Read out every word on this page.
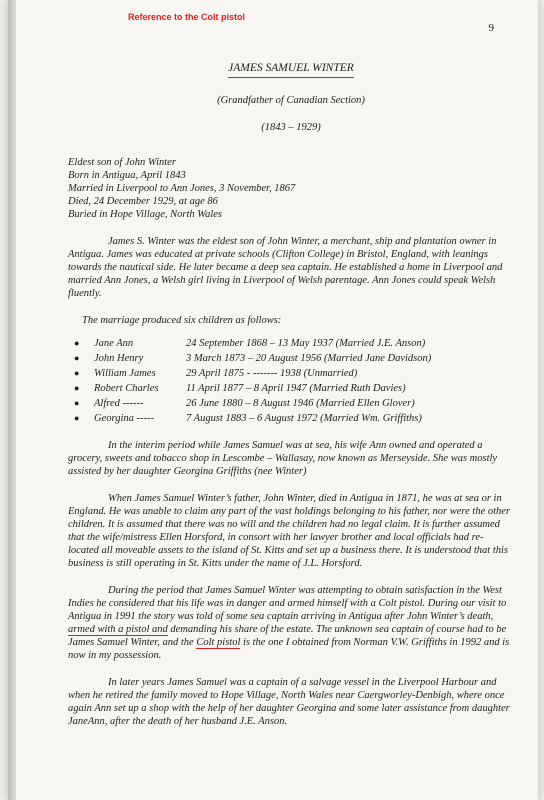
Reference to the Colt pistol
9
JAMES SAMUEL WINTER
(Grandfather of Canadian Section)
(1843 – 1929)
Eldest son of John Winter
Born in Antigua, April 1843
Married in Liverpool to Ann Jones, 3 November, 1867
Died, 24 December 1929, at age 86
Buried in Hope Village, North Wales

James S. Winter was the eldest son of John Winter, a merchant, ship and plantation owner in Antigua. James was educated at private schools (Clifton College) in Bristol, England, with leanings towards the nautical side. He later became a deep sea captain. He established a home in Liverpool and married Ann Jones, a Welsh girl living in Liverpool of Welsh parentage. Ann Jones could speak Welsh fluently.

The marriage produced six children as follows:

●	Jane Ann	24 September 1868 – 13 May 1937 (Married J.E. Anson)
●	John Henry	3 March 1873 – 20 August 1956 (Married Jane Davidson)
●	William James	29 April 1875 - ------- 1938 (Unmarried)
●	Robert Charles	11 April 1877 – 8 April 1947 (Married Ruth Davies)
●	Alfred ------	26 June 1880 – 8 August 1946 (Married Ellen Glover)
●	Georgina -----	7 August 1883 – 6 August 1972 (Married Wm. Griffiths)

In the interim period while James Samuel was at sea, his wife Ann owned and operated a grocery, sweets and tobacco shop in Lescombe – Wallasay, now known as Merseyside. She was mostly assisted by her daughter Georgina Griffiths (nee Winter)

When James Samuel Winter’s father, John Winter, died in Antigua in 1871, he was at sea or in England. He was unable to claim any part of the vast holdings belonging to his father, nor were the other children. It is assumed that there was no will and the children had no legal claim. It is further assumed that the wife/mistress Ellen Horsford, in consort with her lawyer brother and local officials had re-located all moveable assets to the island of St. Kitts and set up a business there. It is understood that this business is still operating in St. Kitts under the name of J.L. Horsford.

During the period that James Samuel Winter was attempting to obtain satisfaction in the West Indies he considered that his life was in danger and armed himself with a Colt pistol. During our visit to Antigua in 1991 the story was told of some sea captain arriving in Antigua after John Winter’s death, armed with a pistol and demanding his share of the estate. The unknown sea captain of course had to be James Samuel Winter, and the Colt pistol is the one I obtained from Norman V.W. Griffiths in 1992 and is now in my possession.

In later years James Samuel was a captain of a salvage vessel in the Liverpool Harbour and when he retired the family moved to Hope Village, North Wales near Caergworley-Denbigh, where once again Ann set up a shop with the help of her daughter Georgina and some later assistance from daughter JaneAnn, after the death of her husband J.E. Anson.
